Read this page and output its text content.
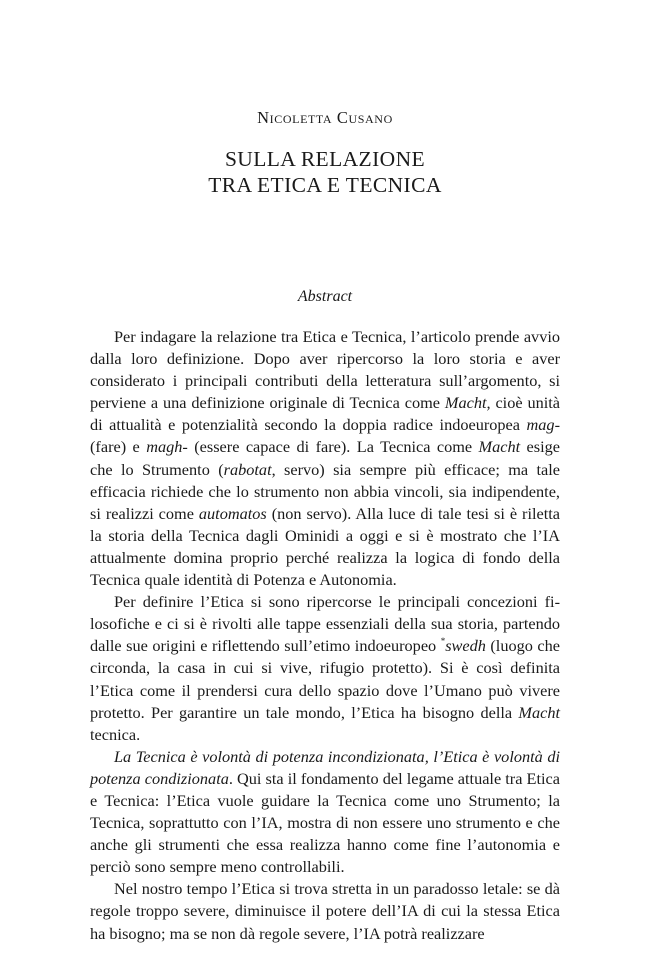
Nicoletta Cusano
SULLA RELAZIONE
TRA ETICA E TECNICA
Abstract

Per indagare la relazione tra Etica e Tecnica, l’articolo prende avvio dalla loro definizione. Dopo aver ripercorso la loro storia e aver considerato i principali contributi della letteratura sull’argomento, si perviene a una definizione originale di Tecnica come Macht, cioè unità di attualità e potenzialità secondo la doppia radice indoeuropea mag- (fare) e magh- (essere capace di fare). La Tecnica come Macht esige che lo Strumento (rabotat, servo) sia sempre più efficace; ma tale efficacia richiede che lo strumento non abbia vincoli, sia indipendente, si realizzi come automatos (non servo). Alla luce di tale tesi si è riletta la storia della Tecnica dagli Ominidi a oggi e si è mostrato che l’IA attualmente domina proprio perché realizza la logica di fondo della Tecnica quale identità di Potenza e Autonomia.

Per definire l’Etica si sono ripercorse le principali concezioni filosofiche e ci si è rivolti alle tappe essenziali della sua storia, partendo dalle sue origini e riflettendo sull’etimo indoeuropeo *swedh (luogo che circonda, la casa in cui si vive, rifugio protetto). Si è così definita l’Etica come il prendersi cura dello spazio dove l’Umano può vivere protetto. Per garantire un tale mondo, l’Etica ha bisogno della Macht tecnica.

La Tecnica è volontà di potenza incondizionata, l’Etica è volontà di potenza condizionata. Qui sta il fondamento del legame attuale tra Etica e Tecnica: l’Etica vuole guidare la Tecnica come uno Strumento; la Tecnica, soprattutto con l’IA, mostra di non essere uno strumento e che anche gli strumenti che essa realizza hanno come fine l’autonomia e perciò sono sempre meno controllabili.

Nel nostro tempo l’Etica si trova stretta in un paradosso letale: se dà regole troppo severe, diminuisce il potere dell’IA di cui la stessa Etica ha bisogno; ma se non dà regole severe, l’IA potrà realizzare
